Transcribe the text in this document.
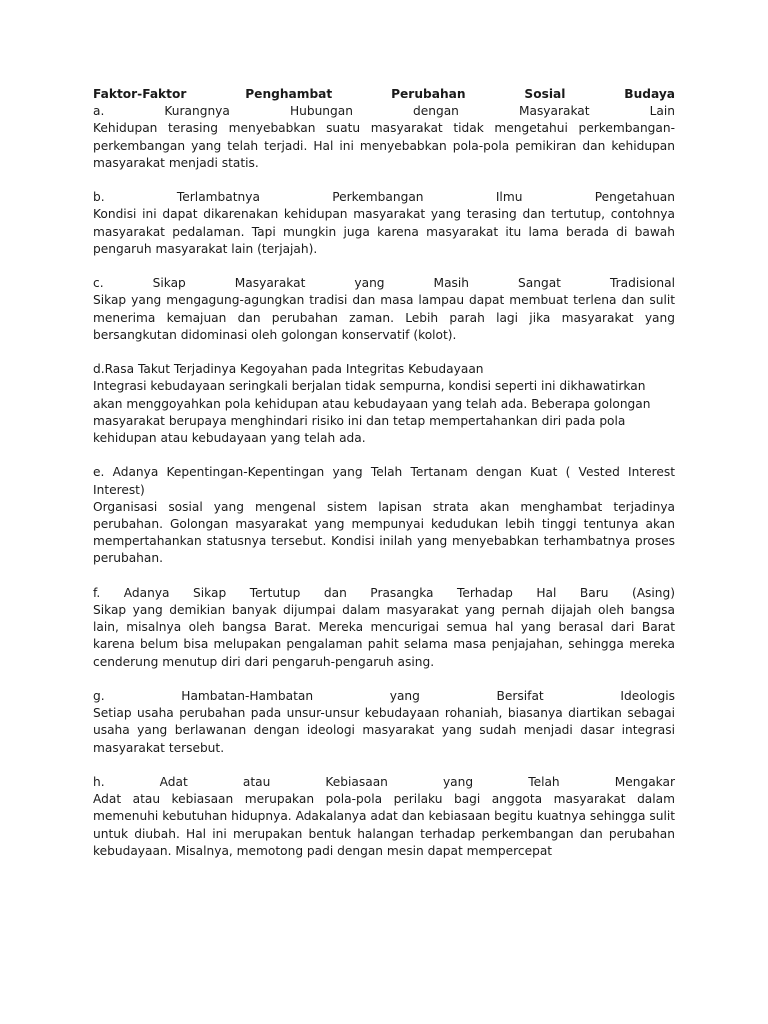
Faktor-Faktor Penghambat Perubahan Sosial Budaya
a. Kurangnya Hubungan dengan Masyarakat Lain
Kehidupan terasing menyebabkan suatu masyarakat tidak mengetahui perkembangan-perkembangan yang telah terjadi. Hal ini menyebabkan pola-pola pemikiran dan kehidupan masyarakat menjadi statis.
b. Terlambatnya Perkembangan Ilmu Pengetahuan
Kondisi ini dapat dikarenakan kehidupan masyarakat yang terasing dan tertutup, contohnya masyarakat pedalaman. Tapi mungkin juga karena masyarakat itu lama berada di bawah pengaruh masyarakat lain (terjajah).
c. Sikap Masyarakat yang Masih Sangat Tradisional
Sikap yang mengagung-agungkan tradisi dan masa lampau dapat membuat terlena dan sulit menerima kemajuan dan perubahan zaman. Lebih parah lagi jika masyarakat yang bersangkutan didominasi oleh golongan konservatif (kolot).
d.Rasa Takut Terjadinya Kegoyahan pada Integritas Kebudayaan
Integrasi kebudayaan seringkali berjalan tidak sempurna, kondisi seperti ini dikhawatirkan akan menggoyahkan pola kehidupan atau kebudayaan yang telah ada. Beberapa golongan masyarakat berupaya menghindari risiko ini dan tetap mempertahankan diri pada pola kehidupan atau kebudayaan yang telah ada.
e. Adanya Kepentingan-Kepentingan yang Telah Tertanam dengan Kuat ( Vested Interest Interest)
Organisasi sosial yang mengenal sistem lapisan strata akan menghambat terjadinya perubahan. Golongan masyarakat yang mempunyai kedudukan lebih tinggi tentunya akan mempertahankan statusnya tersebut. Kondisi inilah yang menyebabkan terhambatnya proses perubahan.
f. Adanya Sikap Tertutup dan Prasangka Terhadap Hal Baru (Asing)
Sikap yang demikian banyak dijumpai dalam masyarakat yang pernah dijajah oleh bangsa lain, misalnya oleh bangsa Barat. Mereka mencurigai semua hal yang berasal dari Barat karena belum bisa melupakan pengalaman pahit selama masa penjajahan, sehingga mereka cenderung menutup diri dari pengaruh-pengaruh asing.
g. Hambatan-Hambatan yang Bersifat Ideologis
Setiap usaha perubahan pada unsur-unsur kebudayaan rohaniah, biasanya diartikan sebagai usaha yang berlawanan dengan ideologi masyarakat yang sudah menjadi dasar integrasi masyarakat tersebut.
h. Adat atau Kebiasaan yang Telah Mengakar
Adat atau kebiasaan merupakan pola-pola perilaku bagi anggota masyarakat dalam memenuhi kebutuhan hidupnya. Adakalanya adat dan kebiasaan begitu kuatnya sehingga sulit untuk diubah. Hal ini merupakan bentuk halangan terhadap perkembangan dan perubahan kebudayaan. Misalnya, memotong padi dengan mesin dapat mempercepat
